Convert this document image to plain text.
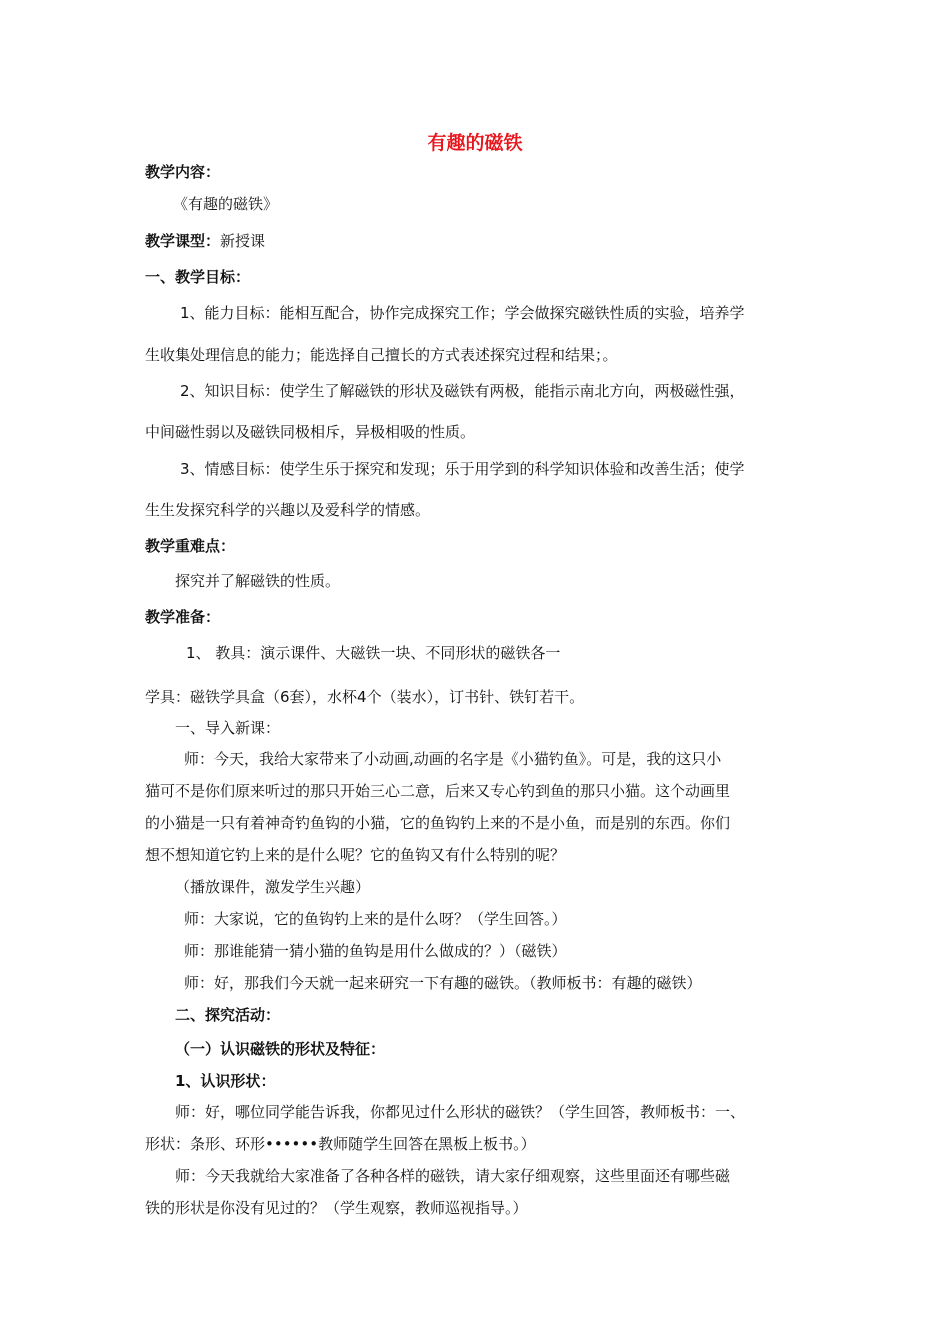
有趣的磁铁
教学内容：
《有趣的磁铁》
教学课型：新授课
一、教学目标：
1、能力目标：能相互配合，协作完成探究工作；学会做探究磁铁性质的实验，培养学
生收集处理信息的能力；能选择自己擅长的方式表述探究过程和结果；。
2、知识目标：使学生了解磁铁的形状及磁铁有两极，能指示南北方向，两极磁性强，
中间磁性弱以及磁铁同极相斥，异极相吸的性质。
3、情感目标：使学生乐于探究和发现；乐于用学到的科学知识体验和改善生活；使学
生生发探究科学的兴趣以及爱科学的情感。
教学重难点：
探究并了解磁铁的性质。
教学准备：
1、 教具：演示课件、大磁铁一块、不同形状的磁铁各一
学具：磁铁学具盒（6套），水杯4个（装水），订书针、铁钉若干。
一、导入新课：
师：今天，我给大家带来了小动画,动画的名字是《小猫钓鱼》。可是，我的这只小
猫可不是你们原来听过的那只开始三心二意，后来又专心钓到鱼的那只小猫。这个动画里
的小猫是一只有着神奇钓鱼钩的小猫，它的鱼钩钓上来的不是小鱼，而是别的东西。你们
想不想知道它钓上来的是什么呢？它的鱼钩又有什么特别的呢？
（播放课件，激发学生兴趣）
师：大家说，它的鱼钩钓上来的是什么呀？（学生回答。）
师：那谁能猜一猜小猫的鱼钩是用什么做成的？）（磁铁）
师：好，那我们今天就一起来研究一下有趣的磁铁。（教师板书：有趣的磁铁）
二、探究活动：
（一）认识磁铁的形状及特征：
1、认识形状：
师：好，哪位同学能告诉我，你都见过什么形状的磁铁？（学生回答，教师板书：一、
形状：条形、环形••••••教师随学生回答在黑板上板书。）
师：今天我就给大家准备了各种各样的磁铁，请大家仔细观察，这些里面还有哪些磁
铁的形状是你没有见过的？（学生观察，教师巡视指导。）
